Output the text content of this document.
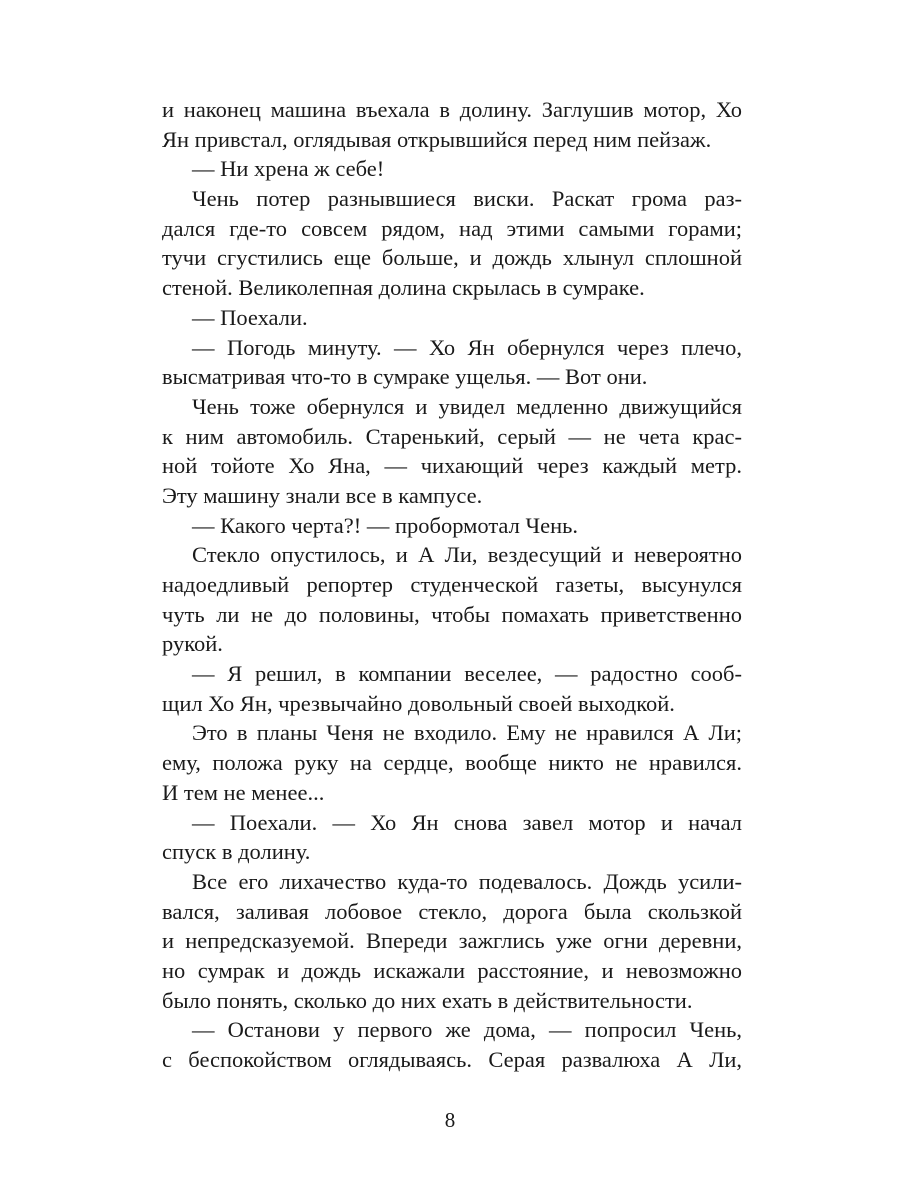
и наконец машина въехала в долину. Заглушив мотор, Хо
Ян привстал, оглядывая открывшийся перед ним пейзаж.
— Ни хрена ж себе!
Чень потер разнывшиеся виски. Раскат грома раз-
дался где-то совсем рядом, над этими самыми горами;
тучи сгустились еще больше, и дождь хлынул сплошной
стеной. Великолепная долина скрылась в сумраке.
— Поехали.
— Погодь минуту. — Хо Ян обернулся через плечо,
высматривая что-то в сумраке ущелья. — Вот они.
Чень тоже обернулся и увидел медленно движущийся
к ним автомобиль. Старенький, серый — не чета крас-
ной тойоте Хо Яна, — чихающий через каждый метр.
Эту машину знали все в кампусе.
— Какого черта?! — пробормотал Чень.
Стекло опустилось, и А Ли, вездесущий и невероятно
надоедливый репортер студенческой газеты, высунулся
чуть ли не до половины, чтобы помахать приветственно
рукой.
— Я решил, в компании веселее, — радостно сооб-
щил Хо Ян, чрезвычайно довольный своей выходкой.
Это в планы Ченя не входило. Ему не нравился А Ли;
ему, положа руку на сердце, вообще никто не нравился.
И тем не менее...
— Поехали. — Хо Ян снова завел мотор и начал
спуск в долину.
Все его лихачество куда-то подевалось. Дождь усили-
вался, заливая лобовое стекло, дорога была скользкой
и непредсказуемой. Впереди зажглись уже огни деревни,
но сумрак и дождь искажали расстояние, и невозможно
было понять, сколько до них ехать в действительности.
— Останови у первого же дома, — попросил Чень,
с беспокойством оглядываясь. Серая развалюха А Ли,
8
